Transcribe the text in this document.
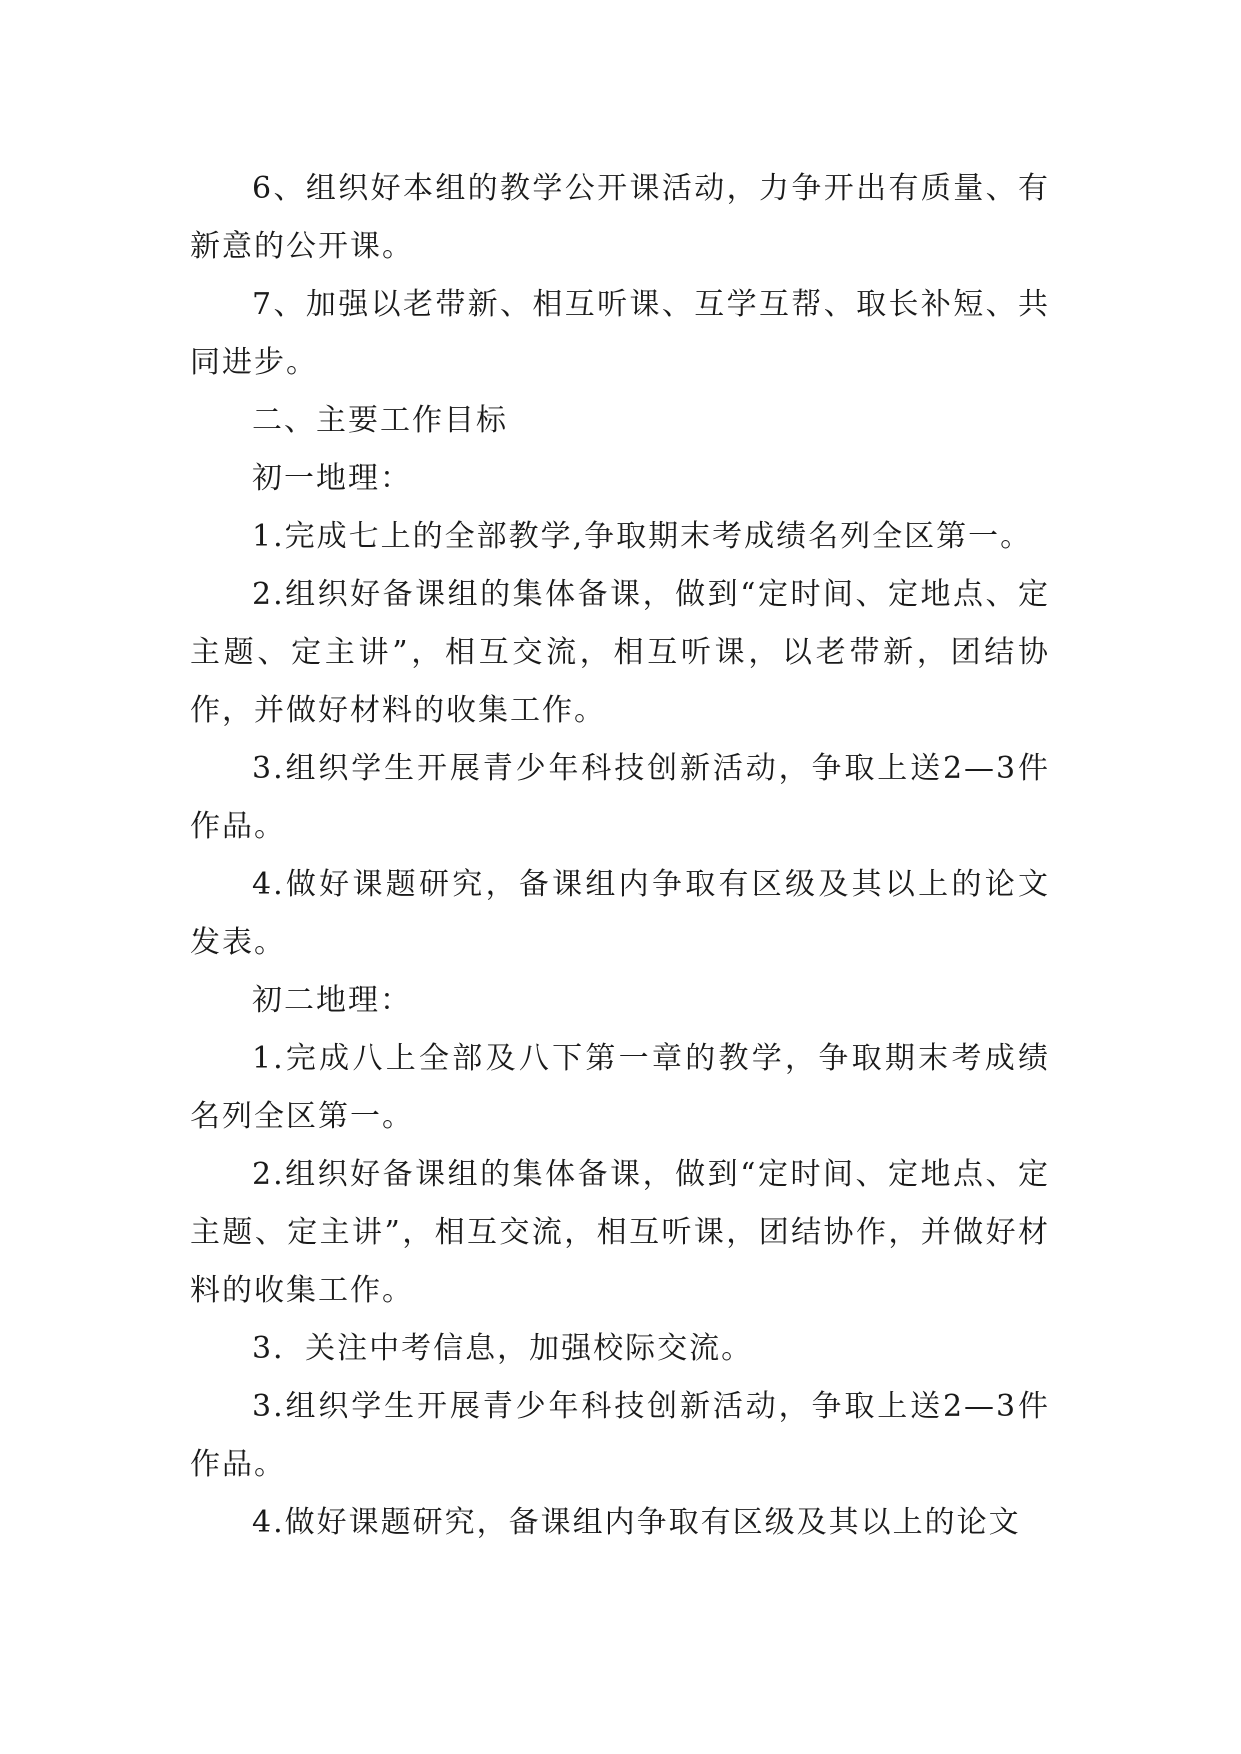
6、组织好本组的教学公开课活动，力争开出有质量、有新意的公开课。

7、加强以老带新、相互听课、互学互帮、取长补短、共同进步。

二、主要工作目标

初一地理：

1.完成七上的全部教学,争取期末考成绩名列全区第一。

2.组织好备课组的集体备课，做到“定时间、定地点、定主题、定主讲”，相互交流，相互听课，以老带新，团结协作，并做好材料的收集工作。

3.组织学生开展青少年科技创新活动，争取上送2—3件作品。

4.做好课题研究，备课组内争取有区级及其以上的论文发表。

初二地理：

1.完成八上全部及八下第一章的教学，争取期末考成绩名列全区第一。

2.组织好备课组的集体备课，做到“定时间、定地点、定主题、定主讲”，相互交流，相互听课，团结协作，并做好材料的收集工作。

3．关注中考信息，加强校际交流。

3.组织学生开展青少年科技创新活动，争取上送2—3件作品。

4.做好课题研究，备课组内争取有区级及其以上的论文
